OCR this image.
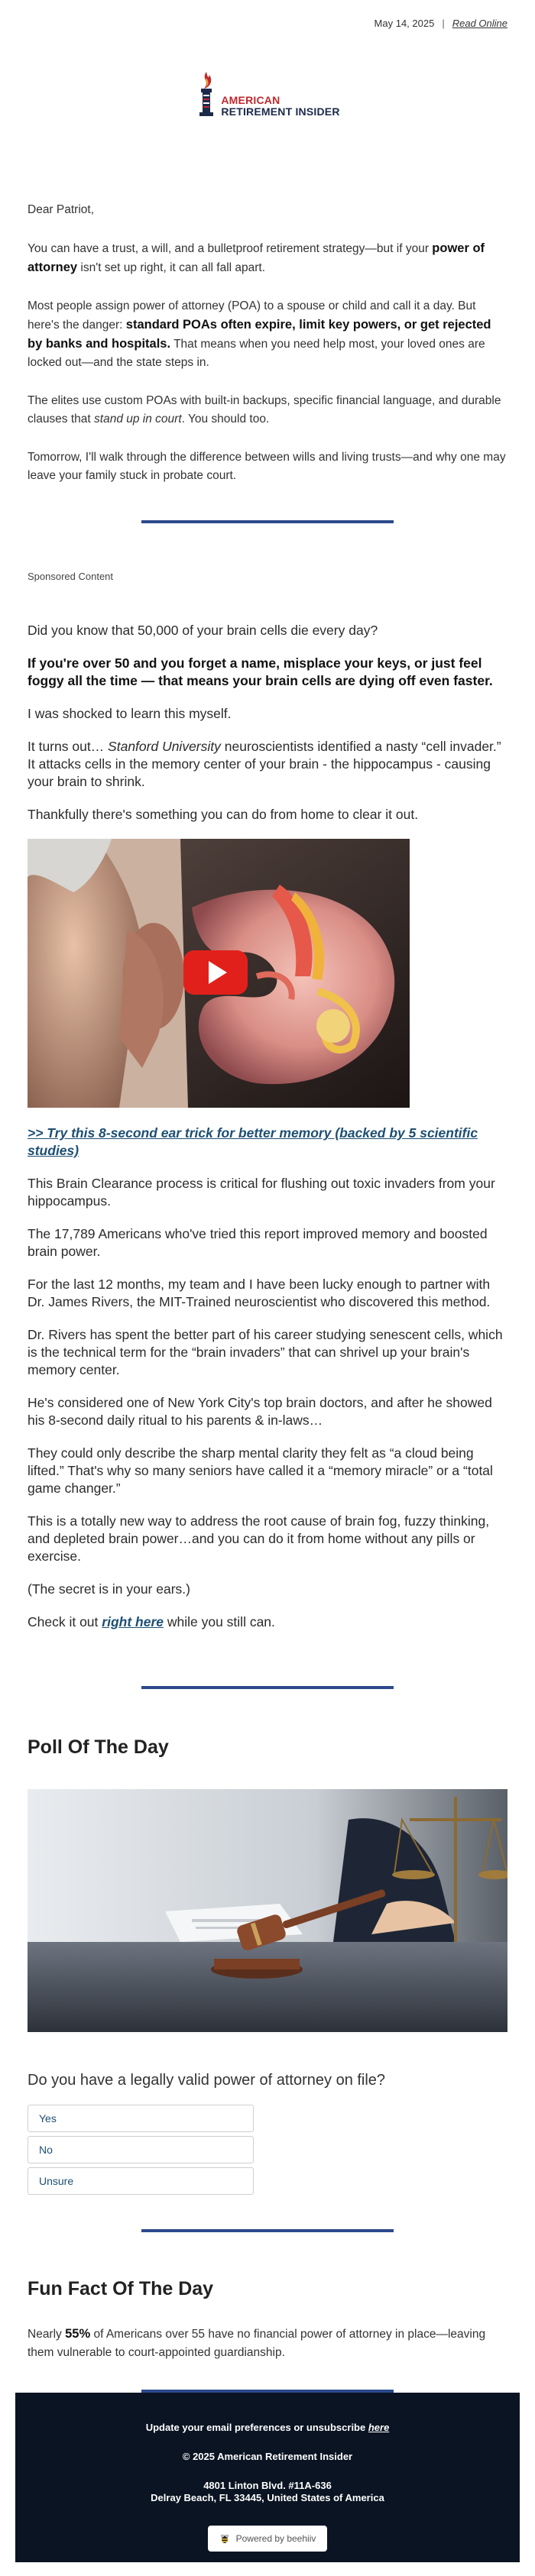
May 14, 2025 | Read Online
AMERICAN
RETIREMENT INSIDER

Dear Patriot,

You can have a trust, a will, and a bulletproof retirement strategy—but if your power of attorney isn't set up right, it can all fall apart.

Most people assign power of attorney (POA) to a spouse or child and call it a day. But here's the danger: standard POAs often expire, limit key powers, or get rejected by banks and hospitals. That means when you need help most, your loved ones are locked out—and the state steps in.

The elites use custom POAs with built-in backups, specific financial language, and durable clauses that stand up in court. You should too.

Tomorrow, I'll walk through the difference between wills and living trusts—and why one may leave your family stuck in probate court.

Sponsored Content

Did you know that 50,000 of your brain cells die every day?

If you're over 50 and you forget a name, misplace your keys, or just feel foggy all the time — that means your brain cells are dying off even faster.

I was shocked to learn this myself.

It turns out… Stanford University neuroscientists identified a nasty “cell invader.” It attacks cells in the memory center of your brain - the hippocampus - causing your brain to shrink.

Thankfully there's something you can do from home to clear it out.

>> Try this 8-second ear trick for better memory (backed by 5 scientific studies)

This Brain Clearance process is critical for flushing out toxic invaders from your hippocampus.

The 17,789 Americans who've tried this report improved memory and boosted brain power.

For the last 12 months, my team and I have been lucky enough to partner with Dr. James Rivers, the MIT-Trained neuroscientist who discovered this method.

Dr. Rivers has spent the better part of his career studying senescent cells, which is the technical term for the “brain invaders” that can shrivel up your brain's memory center.

He's considered one of New York City's top brain doctors, and after he showed his 8-second daily ritual to his parents & in-laws…

They could only describe the sharp mental clarity they felt as “a cloud being lifted.” That's why so many seniors have called it a “memory miracle” or a “total game changer.”

This is a totally new way to address the root cause of brain fog, fuzzy thinking, and depleted brain power…and you can do it from home without any pills or exercise.

(The secret is in your ears.)

Check it out right here while you still can.

Poll Of The Day
Do you have a legally valid power of attorney on file?
Yes
No
Unsure
Fun Fact Of The Day
Nearly 55% of Americans over 55 have no financial power of attorney in place—leaving them vulnerable to court-appointed guardianship.
Update your email preferences or unsubscribe here
© 2025 American Retirement Insider
4801 Linton Blvd. #11A-636
Delray Beach, FL 33445, United States of America
Powered by beehiiv
